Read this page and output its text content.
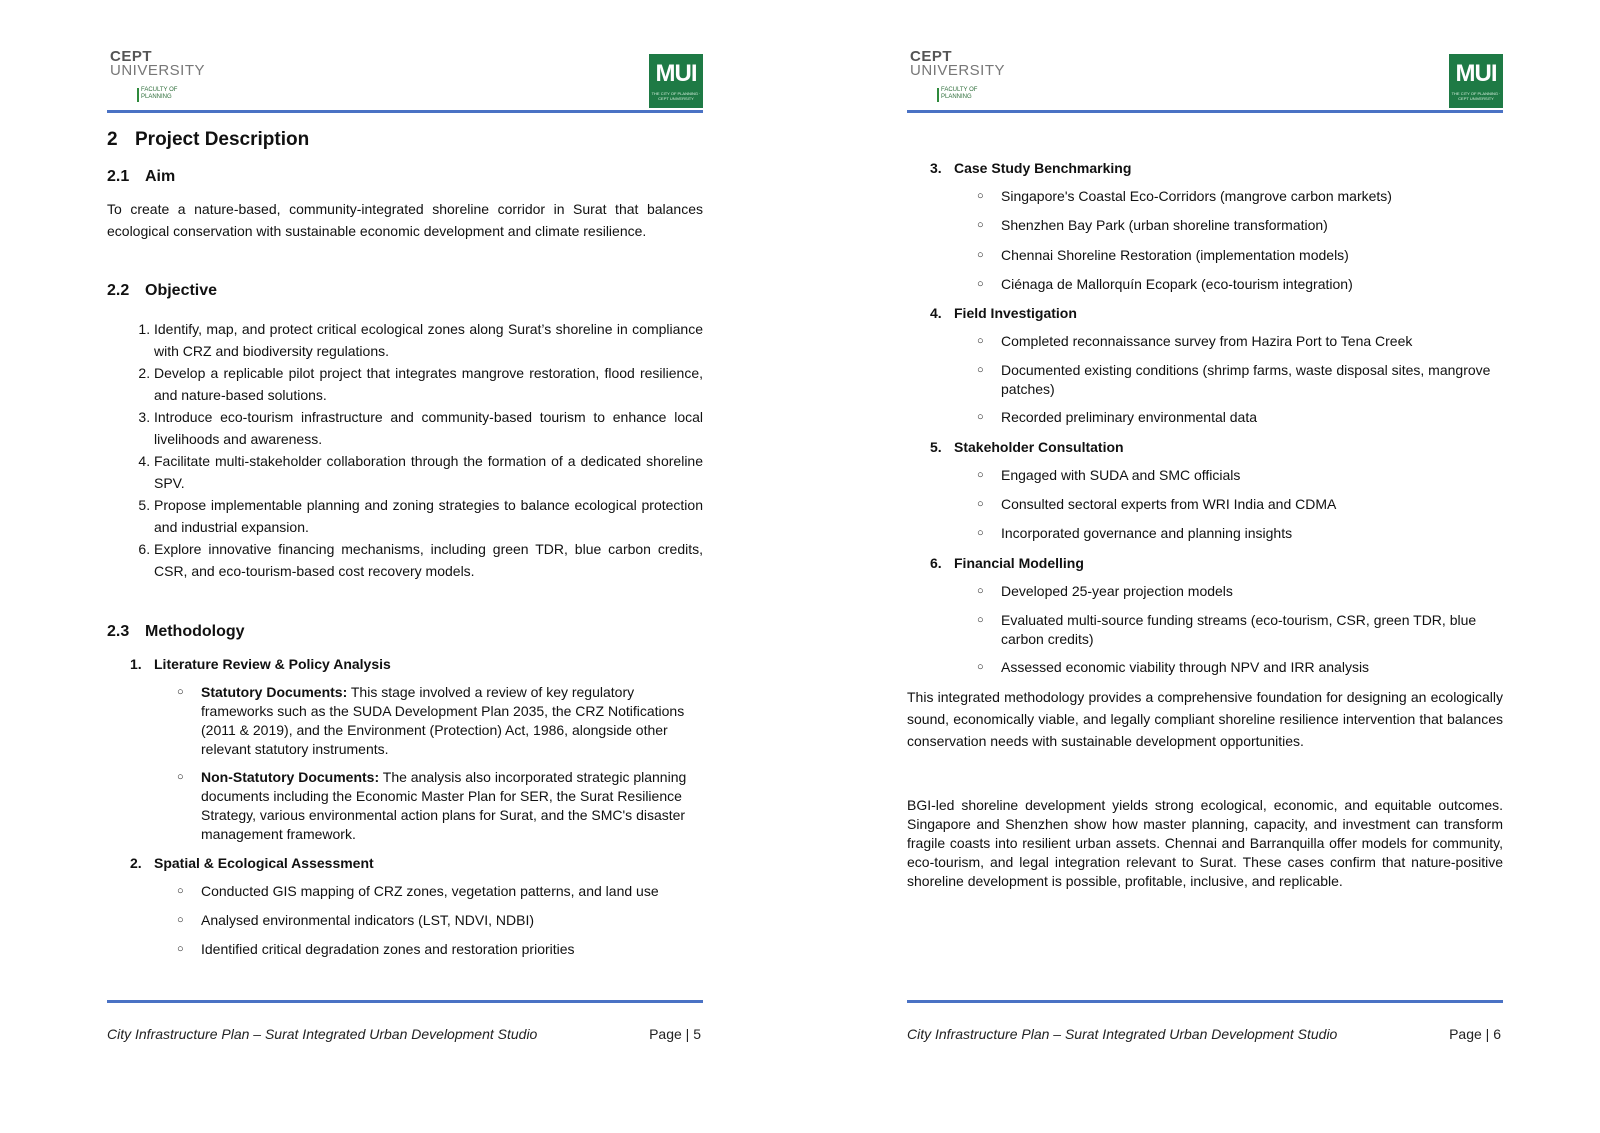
CEPT
UNIVERSITY
FACULTY OF PLANNING
MUI
THE CITY OF PLANNING · CEPT UNIVERSITY
2 Project Description
2.1 Aim

To create a nature-based, community-integrated shoreline corridor in Surat that balances ecological conservation with sustainable economic development and climate resilience.

2.2 Objective
1. Identify, map, and protect critical ecological zones along Surat’s shoreline in compliance with CRZ and biodiversity regulations.
2. Develop a replicable pilot project that integrates mangrove restoration, flood resilience, and nature-based solutions.
3. Introduce eco-tourism infrastructure and community-based tourism to enhance local livelihoods and awareness.
4. Facilitate multi-stakeholder collaboration through the formation of a dedicated shoreline SPV.
5. Propose implementable planning and zoning strategies to balance ecological protection and industrial expansion.
6. Explore innovative financing mechanisms, including green TDR, blue carbon credits, CSR, and eco-tourism-based cost recovery models.
2.3 Methodology
1. Literature Review & Policy Analysis
○ Statutory Documents: This stage involved a review of key regulatory frameworks such as the SUDA Development Plan 2035, the CRZ Notifications (2011 & 2019), and the Environment (Protection) Act, 1986, alongside other relevant statutory instruments.
○ Non-Statutory Documents: The analysis also incorporated strategic planning documents including the Economic Master Plan for SER, the Surat Resilience Strategy, various environmental action plans for Surat, and the SMC's disaster management framework.
2. Spatial & Ecological Assessment
○ Conducted GIS mapping of CRZ zones, vegetation patterns, and land use
○ Analysed environmental indicators (LST, NDVI, NDBI)
○ Identified critical degradation zones and restoration priorities
City Infrastructure Plan – Surat Integrated Urban Development Studio	Page | 5
CEPT
UNIVERSITY
FACULTY OF PLANNING
MUI
THE CITY OF PLANNING · CEPT UNIVERSITY
3. Case Study Benchmarking
○ Singapore's Coastal Eco-Corridors (mangrove carbon markets)
○ Shenzhen Bay Park (urban shoreline transformation)
○ Chennai Shoreline Restoration (implementation models)
○ Ciénaga de Mallorquín Ecopark (eco-tourism integration)
4. Field Investigation
○ Completed reconnaissance survey from Hazira Port to Tena Creek
○ Documented existing conditions (shrimp farms, waste disposal sites, mangrove patches)
○ Recorded preliminary environmental data
5. Stakeholder Consultation
○ Engaged with SUDA and SMC officials
○ Consulted sectoral experts from WRI India and CDMA
○ Incorporated governance and planning insights
6. Financial Modelling
○ Developed 25-year projection models
○ Evaluated multi-source funding streams (eco-tourism, CSR, green TDR, blue carbon credits)
○ Assessed economic viability through NPV and IRR analysis

This integrated methodology provides a comprehensive foundation for designing an ecologically sound, economically viable, and legally compliant shoreline resilience intervention that balances conservation needs with sustainable development opportunities.

BGI-led shoreline development yields strong ecological, economic, and equitable outcomes. Singapore and Shenzhen show how master planning, capacity, and investment can transform fragile coasts into resilient urban assets. Chennai and Barranquilla offer models for community, eco-tourism, and legal integration relevant to Surat. These cases confirm that nature-positive shoreline development is possible, profitable, inclusive, and replicable.

City Infrastructure Plan – Surat Integrated Urban Development Studio	Page | 6
